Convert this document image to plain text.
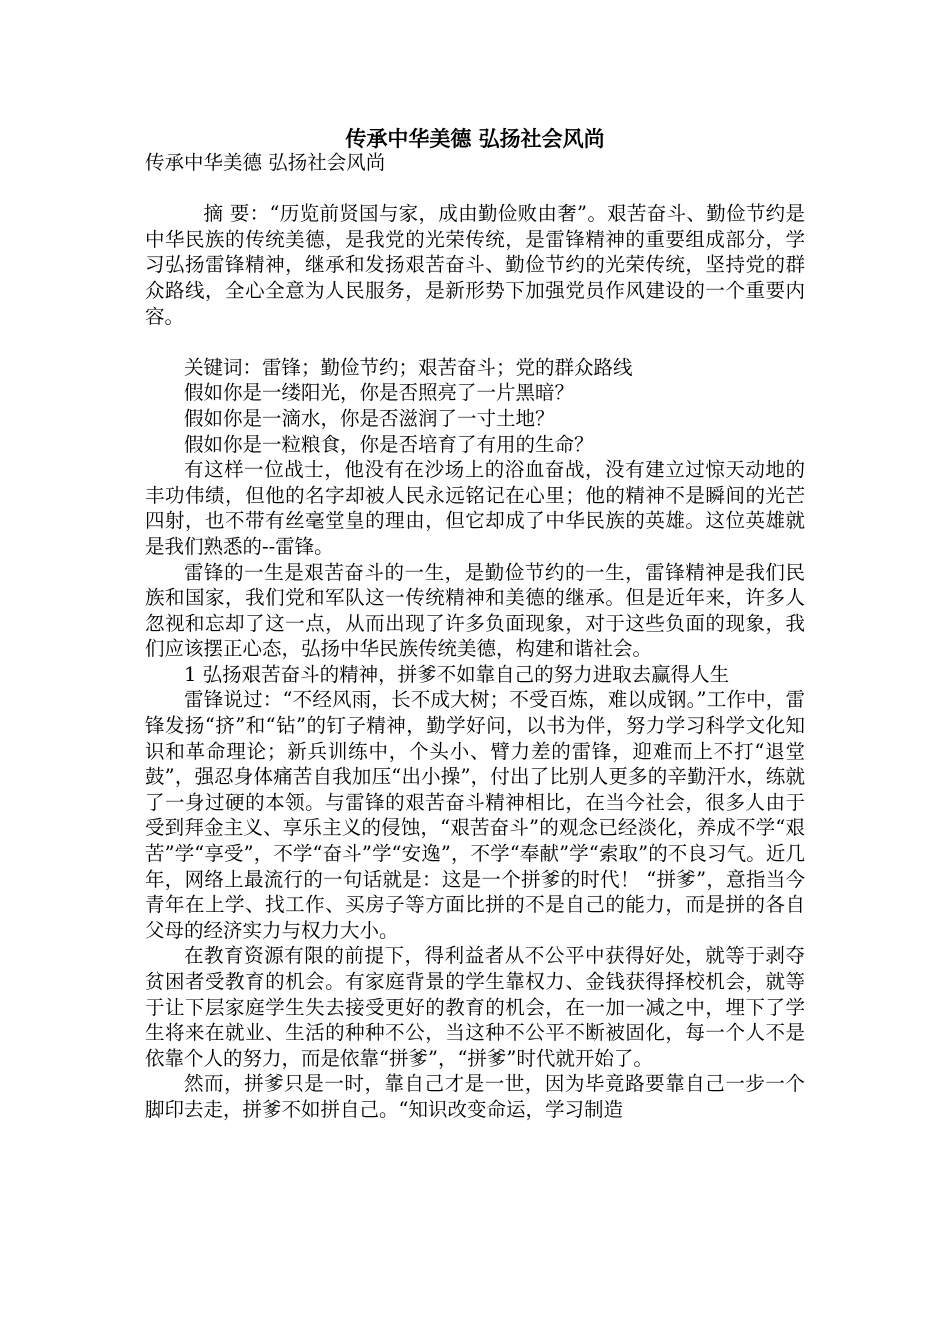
传承中华美德 弘扬社会风尚

传承中华美德 弘扬社会风尚

摘 要：“历览前贤国与家，成由勤俭败由奢”。艰苦奋斗、勤俭节约是中华民族的传统美德，是我党的光荣传统，是雷锋精神的重要组成部分，学习弘扬雷锋精神，继承和发扬艰苦奋斗、勤俭节约的光荣传统，坚持党的群众路线，全心全意为人民服务，是新形势下加强党员作风建设的一个重要内容。

关键词：雷锋；勤俭节约；艰苦奋斗；党的群众路线

假如你是一缕阳光，你是否照亮了一片黑暗？

假如你是一滴水，你是否滋润了一寸土地？

假如你是一粒粮食，你是否培育了有用的生命？

有这样一位战士，他没有在沙场上的浴血奋战，没有建立过惊天动地的丰功伟绩，但他的名字却被人民永远铭记在心里；他的精神不是瞬间的光芒四射，也不带有丝毫堂皇的理由，但它却成了中华民族的英雄。这位英雄就是我们熟悉的--雷锋。

雷锋的一生是艰苦奋斗的一生，是勤俭节约的一生，雷锋精神是我们民族和国家，我们党和军队这一传统精神和美德的继承。但是近年来，许多人忽视和忘却了这一点，从而出现了许多负面现象，对于这些负面的现象，我们应该摆正心态，弘扬中华民族传统美德，构建和谐社会。

1 弘扬艰苦奋斗的精神，拼爹不如靠自己的努力进取去赢得人生

雷锋说过：“不经风雨，长不成大树；不受百炼，难以成钢。”工作中，雷锋发扬“挤”和“钻”的钉子精神，勤学好问，以书为伴，努力学习科学文化知识和革命理论；新兵训练中，个头小、臂力差的雷锋，迎难而上不打“退堂鼓”，强忍身体痛苦自我加压“出小操”，付出了比别人更多的辛勤汗水，练就了一身过硬的本领。与雷锋的艰苦奋斗精神相比，在当今社会，很多人由于受到拜金主义、享乐主义的侵蚀，“艰苦奋斗”的观念已经淡化，养成不学“艰苦”学“享受”，不学“奋斗”学“安逸”，不学“奉献”学“索取”的不良习气。近几年，网络上最流行的一句话就是：这是一个拼爹的时代！ “拼爹”，意指当今青年在上学、找工作、买房子等方面比拼的不是自己的能力，而是拼的各自父母的经济实力与权力大小。

在教育资源有限的前提下，得利益者从不公平中获得好处，就等于剥夺贫困者受教育的机会。有家庭背景的学生靠权力、金钱获得择校机会，就等于让下层家庭学生失去接受更好的教育的机会，在一加一减之中，埋下了学生将来在就业、生活的种种不公，当这种不公平不断被固化，每一个人不是依靠个人的努力，而是依靠“拼爹”，“拼爹”时代就开始了。

然而，拼爹只是一时，靠自己才是一世，因为毕竟路要靠自己一步一个脚印去走，拼爹不如拼自己。“知识改变命运，学习制造
